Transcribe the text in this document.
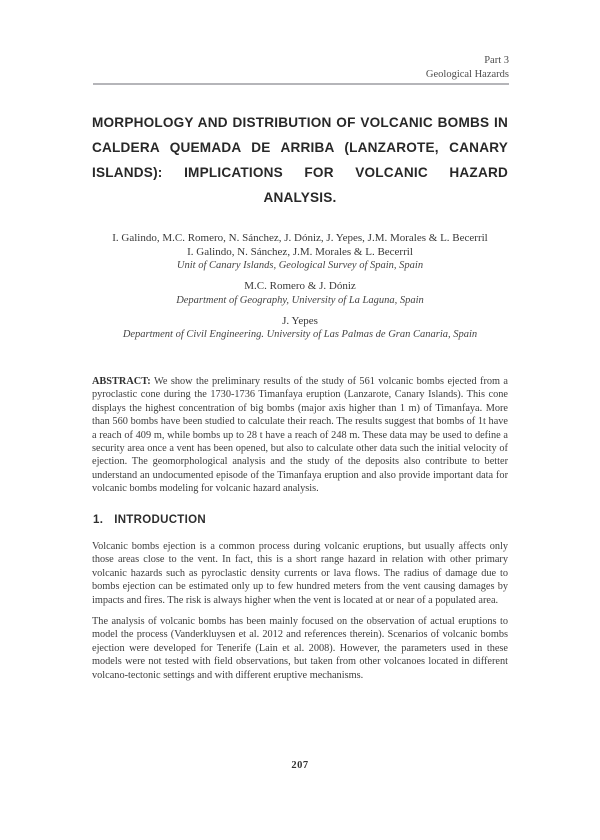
Part 3
Geological Hazards
MORPHOLOGY AND DISTRIBUTION OF VOLCANIC BOMBS IN CALDERA QUEMADA DE ARRIBA (LANZAROTE, CANARY ISLANDS): IMPLICATIONS FOR VOLCANIC HAZARD ANALYSIS.

I. Galindo, M.C. Romero, N. Sánchez, J. Dóniz, J. Yepes, J.M. Morales & L. Becerril

I. Galindo, N. Sánchez, J.M. Morales & L. Becerril

Unit of Canary Islands, Geological Survey of Spain, Spain

M.C. Romero & J. Dóniz

Department of Geography, University of La Laguna, Spain

J. Yepes

Department of Civil Engineering. University of Las Palmas de Gran Canaria, Spain

ABSTRACT: We show the preliminary results of the study of 561 volcanic bombs ejected from a pyroclastic cone during the 1730-1736 Timanfaya eruption (Lanzarote, Canary Islands). This cone displays the highest concentration of big bombs (major axis higher than 1 m) of Timanfaya. More than 560 bombs have been studied to calculate their reach. The results suggest that bombs of 1t have a reach of 409 m, while bombs up to 28 t have a reach of 248 m. These data may be used to define a security area once a vent has been opened, but also to calculate other data such the initial velocity of ejection. The geomorphological analysis and the study of the deposits also contribute to better understand an undocumented episode of the Timanfaya eruption and also provide important data for volcanic bombs modeling for volcanic hazard analysis.

1. INTRODUCTION

Volcanic bombs ejection is a common process during volcanic eruptions, but usually affects only those areas close to the vent. In fact, this is a short range hazard in relation with other primary volcanic hazards such as pyroclastic density currents or lava flows. The radius of damage due to bombs ejection can be estimated only up to few hundred meters from the vent causing damages by impacts and fires. The risk is always higher when the vent is located at or near of a populated area.

The analysis of volcanic bombs has been mainly focused on the observation of actual eruptions to model the process (Vanderkluysen et al. 2012 and references therein). Scenarios of volcanic bombs ejection were developed for Tenerife (Lain et al. 2008). However, the parameters used in these models were not tested with field observations, but taken from other volcanoes located in different volcano-tectonic settings and with different eruptive mechanisms.

207
